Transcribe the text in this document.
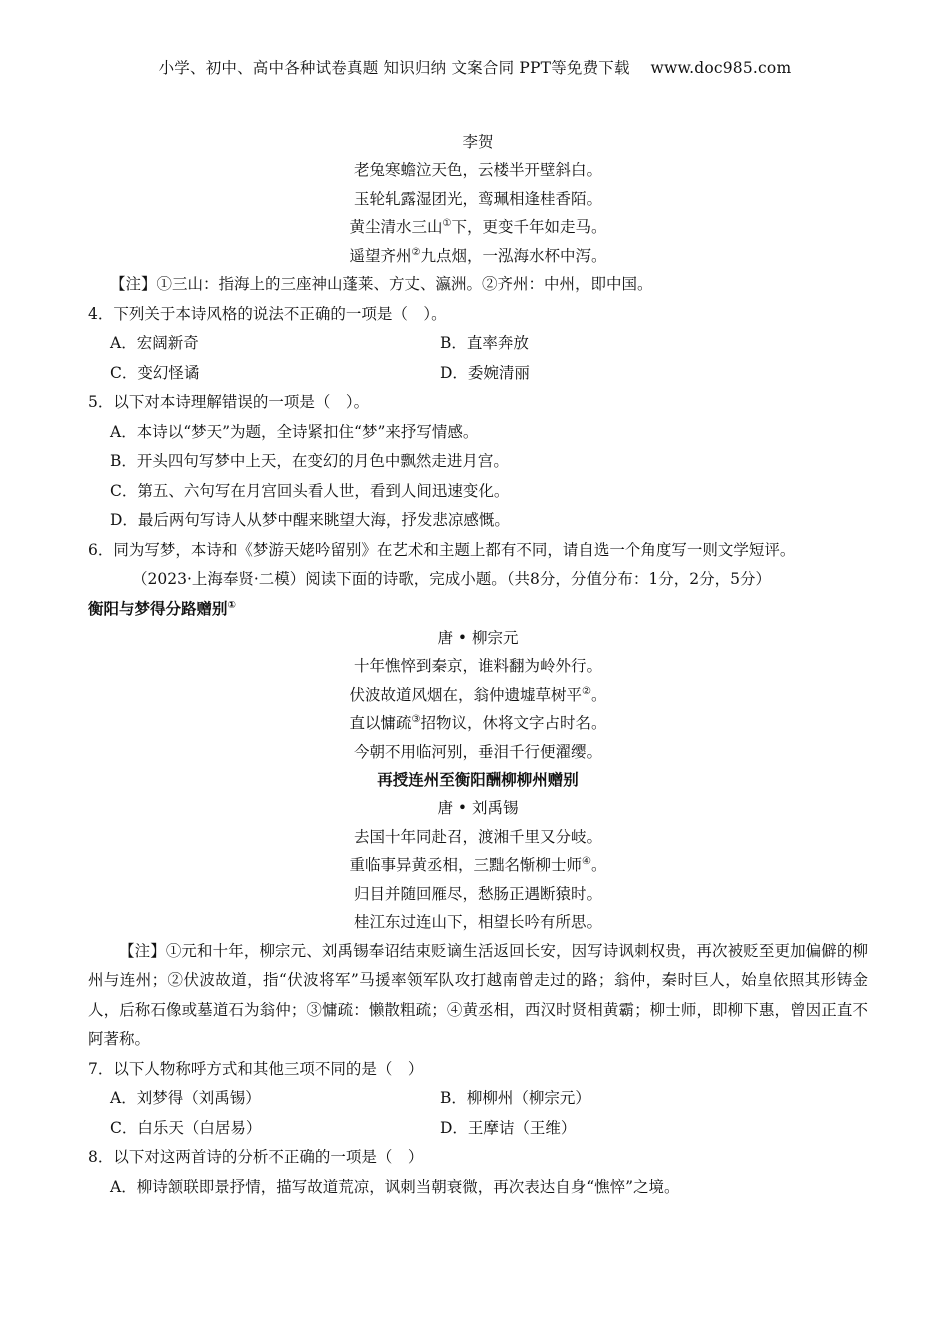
小学、初中、高中各种试卷真题 知识归纳 文案合同 PPT等免费下载　 www.doc985.com
李贺
老兔寒蟾泣天色，云楼半开壁斜白。
玉轮轧露湿团光，鸾珮相逢桂香陌。
黄尘清水三山①下，更变千年如走马。
遥望齐州②九点烟，一泓海水杯中泻。
【注】①三山：指海上的三座神山蓬莱、方丈、瀛洲。②齐州：中州，即中国。
4．下列关于本诗风格的说法不正确的一项是（　）。
A．宏阔新奇	B．直率奔放
C．变幻怪谲	D．委婉清丽
5．以下对本诗理解错误的一项是（　）。
A．本诗以“梦天”为题，全诗紧扣住“梦”来抒写情感。
B．开头四句写梦中上天，在变幻的月色中飘然走进月宫。
C．第五、六句写在月宫回头看人世，看到人间迅速变化。
D．最后两句写诗人从梦中醒来眺望大海，抒发悲凉感慨。
6．同为写梦，本诗和《梦游天姥吟留别》在艺术和主题上都有不同，请自选一个角度写一则文学短评。
（2023·上海奉贤·二模）阅读下面的诗歌，完成小题。（共8分，分值分布：1分，2分，5分）
衡阳与梦得分路赠别①
唐 • 柳宗元
十年憔悴到秦京，谁料翻为岭外行。
伏波故道风烟在，翁仲遗墟草树平②。
直以慵疏③招物议，休将文字占时名。
今朝不用临河别，垂泪千行便濯缨。
再授连州至衡阳酬柳柳州赠别
唐 • 刘禹锡
去国十年同赴召，渡湘千里又分岐。
重临事异黄丞相，三黜名惭柳士师④。
归目并随回雁尽，愁肠正遇断猿时。
桂江东过连山下，相望长吟有所思。
【注】①元和十年，柳宗元、刘禹锡奉诏结束贬谪生活返回长安，因写诗讽刺权贵，再次被贬至更加偏僻的柳州与连州；②伏波故道，指“伏波将军”马援率领军队攻打越南曾走过的路；翁仲，秦时巨人，始皇依照其形铸金人，后称石像或墓道石为翁仲；③慵疏：懒散粗疏；④黄丞相，西汉时贤相黄霸；柳士师，即柳下惠，曾因正直不阿著称。
7．以下人物称呼方式和其他三项不同的是（　）
A．刘梦得（刘禹锡）	B．柳柳州（柳宗元）
C．白乐天（白居易）	D．王摩诘（王维）
8．以下对这两首诗的分析不正确的一项是（　）
A．柳诗颔联即景抒情，描写故道荒凉，讽刺当朝衰微，再次表达自身“憔悴”之境。
